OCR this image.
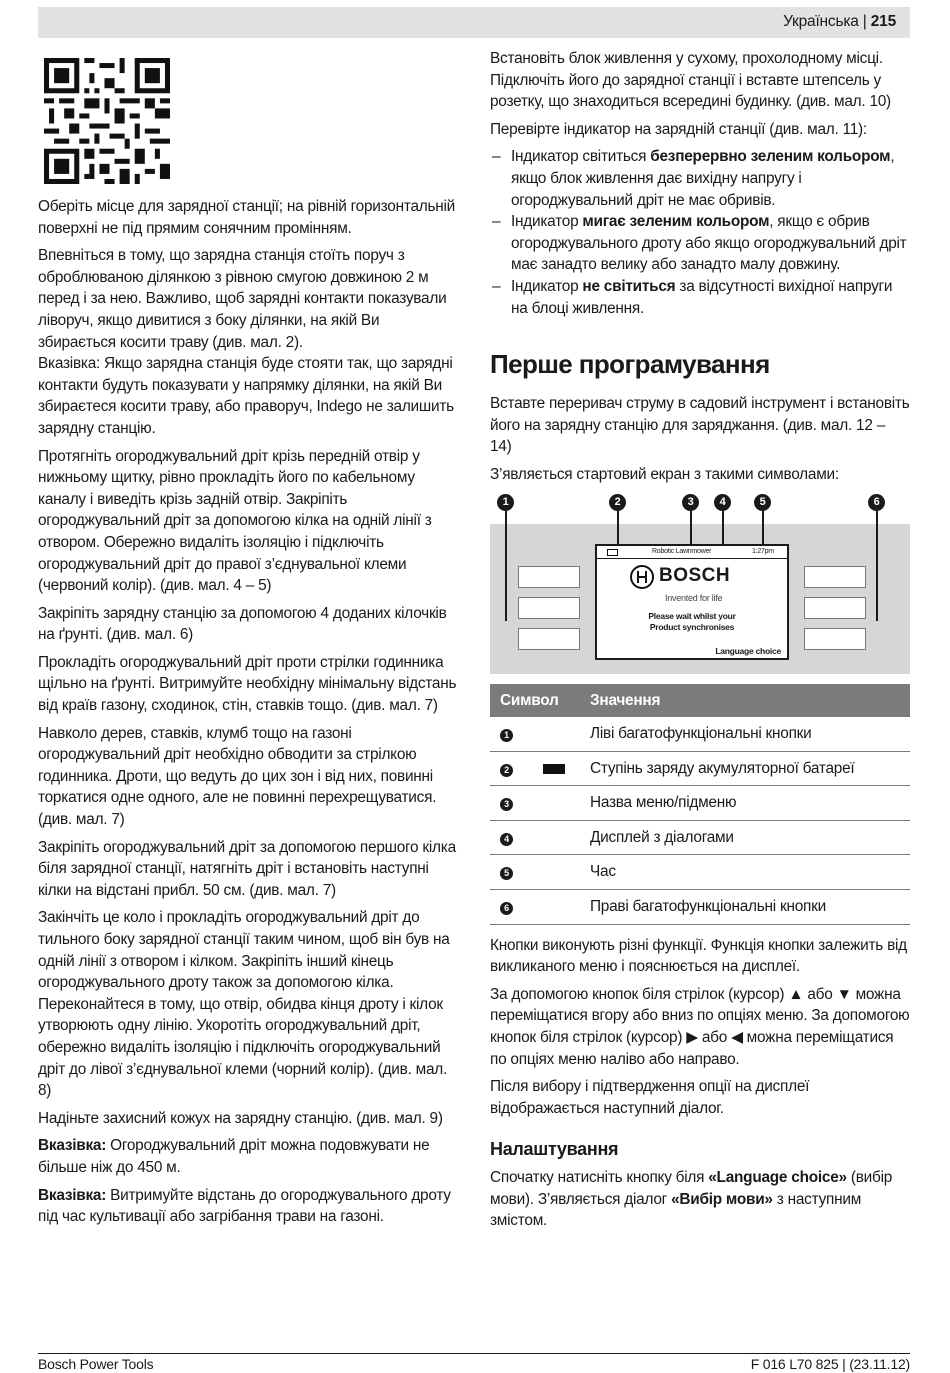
Українська | 215

Оберіть місце для зарядної станції; на рівній горизонтальній поверхні не під прямим сонячним промінням.

Впевніться в тому, що зарядна станція стоїть поруч з оброблюваною ділянкою з рівною смугою довжиною 2 м перед і за нею. Важливо, щоб зарядні контакти показували ліворуч, якщо дивитися з боку ділянки, на якій Ви збирається косити траву (див. мал. 2).

Вказівка: Якщо зарядна станція буде стояти так, що зарядні контакти будуть показувати у напрямку ділянки, на якій Ви збираєтеся косити траву, або праворуч, Indego не залишить зарядну станцію.

Протягніть огороджувальний дріт крізь передній отвір у нижньому щитку, рівно прокладіть його по кабельному каналу і виведіть крізь задній отвір. Закріпіть огороджувальний дріт за допомогою кілка на одній лінії з отвором. Обережно видаліть ізоляцію і підключіть огороджувальний дріт до правої з’єднувальної клеми (червоний колір). (див. мал. 4 – 5)

Закріпіть зарядну станцію за допомогою 4 доданих кілочків на ґрунті. (див. мал. 6)

Прокладіть огороджувальний дріт проти стрілки годинника щільно на ґрунті. Витримуйте необхідну мінімальну відстань від країв газону, сходинок, стін, ставків тощо. (див. мал. 7)

Навколо дерев, ставків, клумб тощо на газоні огороджувальний дріт необхідно обводити за стрілкою годинника. Дроти, що ведуть до цих зон і від них, повинні торкатися одне одного, але не повинні перехрещуватися. (див. мал. 7)

Закріпіть огороджувальний дріт за допомогою першого кілка біля зарядної станції, натягніть дріт і встановіть наступні кілки на відстані прибл. 50 см. (див. мал. 7)

Закінчіть це коло і прокладіть огороджувальний дріт до тильного боку зарядної станції таким чином, щоб він був на одній лінії з отвором і кілком. Закріпіть інший кінець огороджувального дроту також за допомогою кілка. Переконайтеся в тому, що отвір, обидва кінця дроту і кілок утворюють одну лінію. Укоротіть огороджувальний дріт, обережно видаліть ізоляцію і підключіть огороджувальний дріт до лівої з’єднувальної клеми (чорний колір). (див. мал. 8)

Надіньте захисний кожух на зарядну станцію. (див. мал. 9)

Вказівка: Огороджувальний дріт можна подовжувати не більше ніж до 450 м.

Вказівка: Витримуйте відстань до огороджувального дроту під час культивації або загрібання трави на газоні.

Встановіть блок живлення у сухому, прохолодному місці. Підключіть його до зарядної станції і вставте штепсель у розетку, що знаходиться всередині будинку. (див. мал. 10)

Перевірте індикатор на зарядній станції (див. мал. 11):

– Індикатор світиться безперервно зеленим кольором, якщо блок живлення дає вихідну напругу і огороджувальний дріт не має обривів.
– Індикатор мигає зеленим кольором, якщо є обрив огороджувального дроту або якщо огороджувальний дріт має занадто велику або занадто малу довжину.
– Індикатор не світиться за відсутності вихідної напруги на блоці живлення.
Перше програмування

Вставте переривач струму в садовий інструмент і встановіть його на зарядну станцію для заряджання. (див. мал. 12 – 14)

З’являється стартовий екран з такими символами:

1	2	3	4	5	6
Robotic Lawnmower	1:27pm
BOSCH
Invented for life
Please wait whilst your
Product synchronises
Language choice
Символ	Значення
1	Ліві багатофункціональні кнопки
2	Ступінь заряду акумуляторної батареї
3	Назва меню/підменю
4	Дисплей з діалогами
5	Час
6	Праві багатофункціональні кнопки

Кнопки виконують різні функції. Функція кнопки залежить від викликаного меню і пояснюється на дисплеї.

За допомогою кнопок біля стрілок (курсор) ▲ або ▼ можна переміщатися вгору або вниз по опціях меню. За допомогою кнопок біля стрілок (курсор) ▶ або ◀ можна переміщатися по опціях меню наліво або направо.

Після вибору і підтвердження опції на дисплеї відображається наступний діалог.

Налаштування

Спочатку натисніть кнопку біля «Language choice» (вибір мови). З’являється діалог «Вибір мови» з наступним змістом.

Bosch Power Tools	F 016 L70 825 | (23.11.12)
